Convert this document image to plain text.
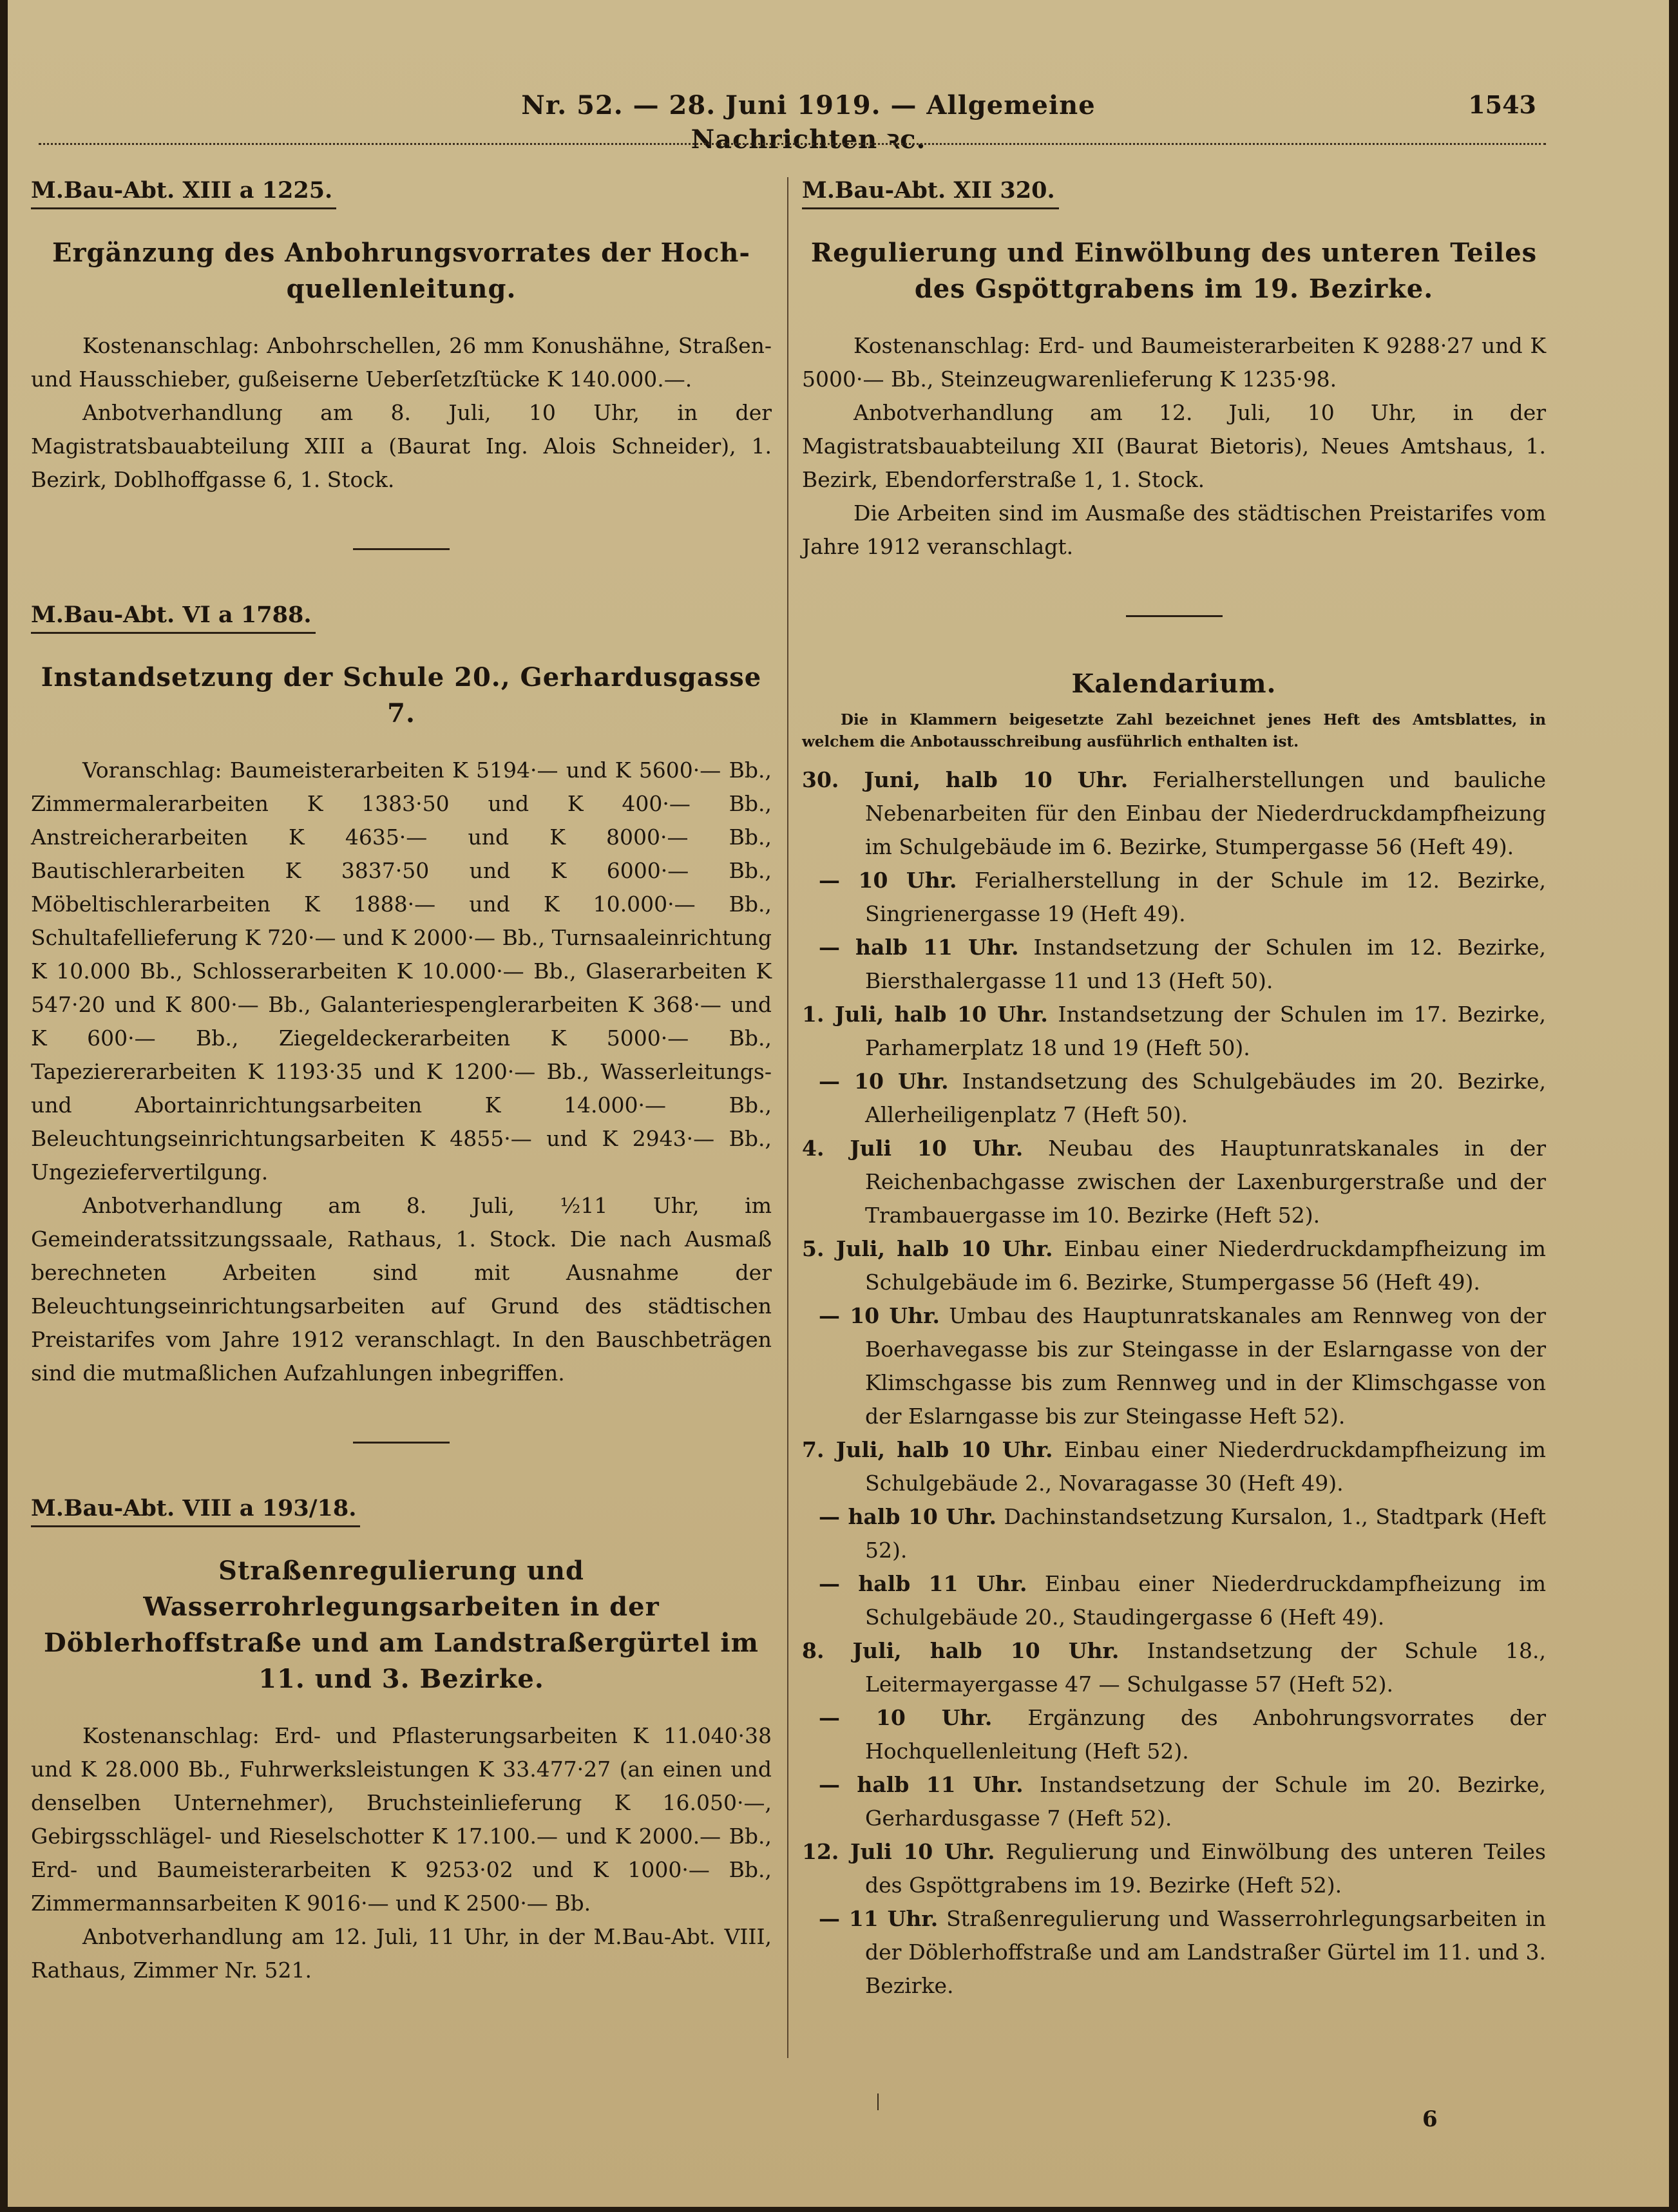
Nr. 52. — 28. Juni 1919. — Allgemeine Nachrichten ꝛc.
1543
M.Bau-Abt. XIII a 1225.
Ergänzung des Anbohrungsvorrates der Hoch-quellenleitung.

Kostenanschlag: Anbohrschellen, 26 mm Konushähne, Straßen- und Hausschieber, gußeiserne Ueberſetzſtücke K 140.000.—.

Anbotverhandlung am 8. Juli, 10 Uhr, in der Magistratsbauabteilung XIII a (Baurat Ing. Alois Schneider), 1. Bezirk, Doblhoffgasse 6, 1. Stock.

M.Bau-Abt. VI a 1788.
Instandsetzung der Schule 20., Gerhardusgasse 7.

Voranschlag: Baumeisterarbeiten K 5194·— und K 5600·— Bb., Zimmermalerarbeiten K 1383·50 und K 400·— Bb., Anstreicherarbeiten K 4635·— und K 8000·— Bb., Bautischlerarbeiten K 3837·50 und K 6000·— Bb., Möbeltischlerarbeiten K 1888·— und K 10.000·— Bb., Schultafellieferung K 720·— und K 2000·— Bb., Turnsaaleinrichtung K 10.000 Bb., Schlosserarbeiten K 10.000·— Bb., Glaserarbeiten K 547·20 und K 800·— Bb., Galanteriespenglerarbeiten K 368·— und K 600·— Bb., Ziegeldeckerarbeiten K 5000·— Bb., Tapeziererarbeiten K 1193·35 und K 1200·— Bb., Wasserleitungs- und Abortainrichtungsarbeiten K 14.000·— Bb., Beleuchtungseinrichtungsarbeiten K 4855·— und K 2943·— Bb., Ungeziefervertilgung.

Anbotverhandlung am 8. Juli, ½11 Uhr, im Gemeinderatssitzungssaale, Rathaus, 1. Stock. Die nach Ausmaß berechneten Arbeiten sind mit Ausnahme der Beleuchtungseinrichtungsarbeiten auf Grund des städtischen Preistarifes vom Jahre 1912 veranschlagt. In den Bauschbeträgen sind die mutmaßlichen Aufzahlungen inbegriffen.

M.Bau-Abt. VIII a 193/18.
Straßenregulierung und Wasserrohrlegungsarbeiten in der Döblerhoffstraße und am Landstraßergürtel im 11. und 3. Bezirke.

Kostenanschlag: Erd- und Pflasterungsarbeiten K 11.040·38 und K 28.000 Bb., Fuhrwerksleistungen K 33.477·27 (an einen und denselben Unternehmer), Bruchsteinlieferung K 16.050·—, Gebirgsschlägel- und Rieselschotter K 17.100.— und K 2000.— Bb., Erd- und Baumeisterarbeiten K 9253·02 und K 1000·— Bb., Zimmermannsarbeiten K 9016·— und K 2500·— Bb.

Anbotverhandlung am 12. Juli, 11 Uhr, in der M.Bau-Abt. VIII, Rathaus, Zimmer Nr. 521.

M.Bau-Abt. XII 320.
Regulierung und Einwölbung des unteren Teiles des Gspöttgrabens im 19. Bezirke.

Kostenanschlag: Erd- und Baumeisterarbeiten K 9288·27 und K 5000·— Bb., Steinzeugwarenlieferung K 1235·98.

Anbotverhandlung am 12. Juli, 10 Uhr, in der Magistratsbauabteilung XII (Baurat Bietoris), Neues Amtshaus, 1. Bezirk, Ebendorferstraße 1, 1. Stock.

Die Arbeiten sind im Ausmaße des städtischen Preistarifes vom Jahre 1912 veranschlagt.

Kalendarium.
Die in Klammern beigesetzte Zahl bezeichnet jenes Heft des Amtsblattes, in welchem die Anbotausschreibung ausführlich enthalten ist.
30. Juni, halb 10 Uhr. Ferialherstellungen und bauliche Nebenarbeiten für den Einbau der Niederdruckdampfheizung im Schulgebäude im 6. Bezirke, Stumpergasse 56 (Heft 49).
— 10 Uhr. Ferialherstellung in der Schule im 12. Bezirke, Singrienergasse 19 (Heft 49).
— halb 11 Uhr. Instandsetzung der Schulen im 12. Bezirke, Biersthalergasse 11 und 13 (Heft 50).
1. Juli, halb 10 Uhr. Instandsetzung der Schulen im 17. Bezirke, Parhamerplatz 18 und 19 (Heft 50).
— 10 Uhr. Instandsetzung des Schulgebäudes im 20. Bezirke, Allerheiligenplatz 7 (Heft 50).
4. Juli 10 Uhr. Neubau des Hauptunratskanales in der Reichenbachgasse zwischen der Laxenburgerstraße und der Trambauergasse im 10. Bezirke (Heft 52).
5. Juli, halb 10 Uhr. Einbau einer Niederdruckdampfheizung im Schulgebäude im 6. Bezirke, Stumpergasse 56 (Heft 49).
— 10 Uhr. Umbau des Hauptunratskanales am Rennweg von der Boerhavegasse bis zur Steingasse in der Eslarngasse von der Klimschgasse bis zum Rennweg und in der Klimschgasse von der Eslarngasse bis zur Steingasse Heft 52).
7. Juli, halb 10 Uhr. Einbau einer Niederdruckdampfheizung im Schulgebäude 2., Novaragasse 30 (Heft 49).
— halb 10 Uhr. Dachinstandsetzung Kursalon, 1., Stadtpark (Heft 52).
— halb 11 Uhr. Einbau einer Niederdruckdampfheizung im Schulgebäude 20., Staudingergasse 6 (Heft 49).
8. Juli, halb 10 Uhr. Instandsetzung der Schule 18., Leitermayergasse 47 — Schulgasse 57 (Heft 52).
— 10 Uhr. Ergänzung des Anbohrungsvorrates der Hochquellenleitung (Heft 52).
— halb 11 Uhr. Instandsetzung der Schule im 20. Bezirke, Gerhardusgasse 7 (Heft 52).
12. Juli 10 Uhr. Regulierung und Einwölbung des unteren Teiles des Gspöttgrabens im 19. Bezirke (Heft 52).
— 11 Uhr. Straßenregulierung und Wasserrohrlegungsarbeiten in der Döblerhoffstraße und am Landstraßer Gürtel im 11. und 3. Bezirke.
6
